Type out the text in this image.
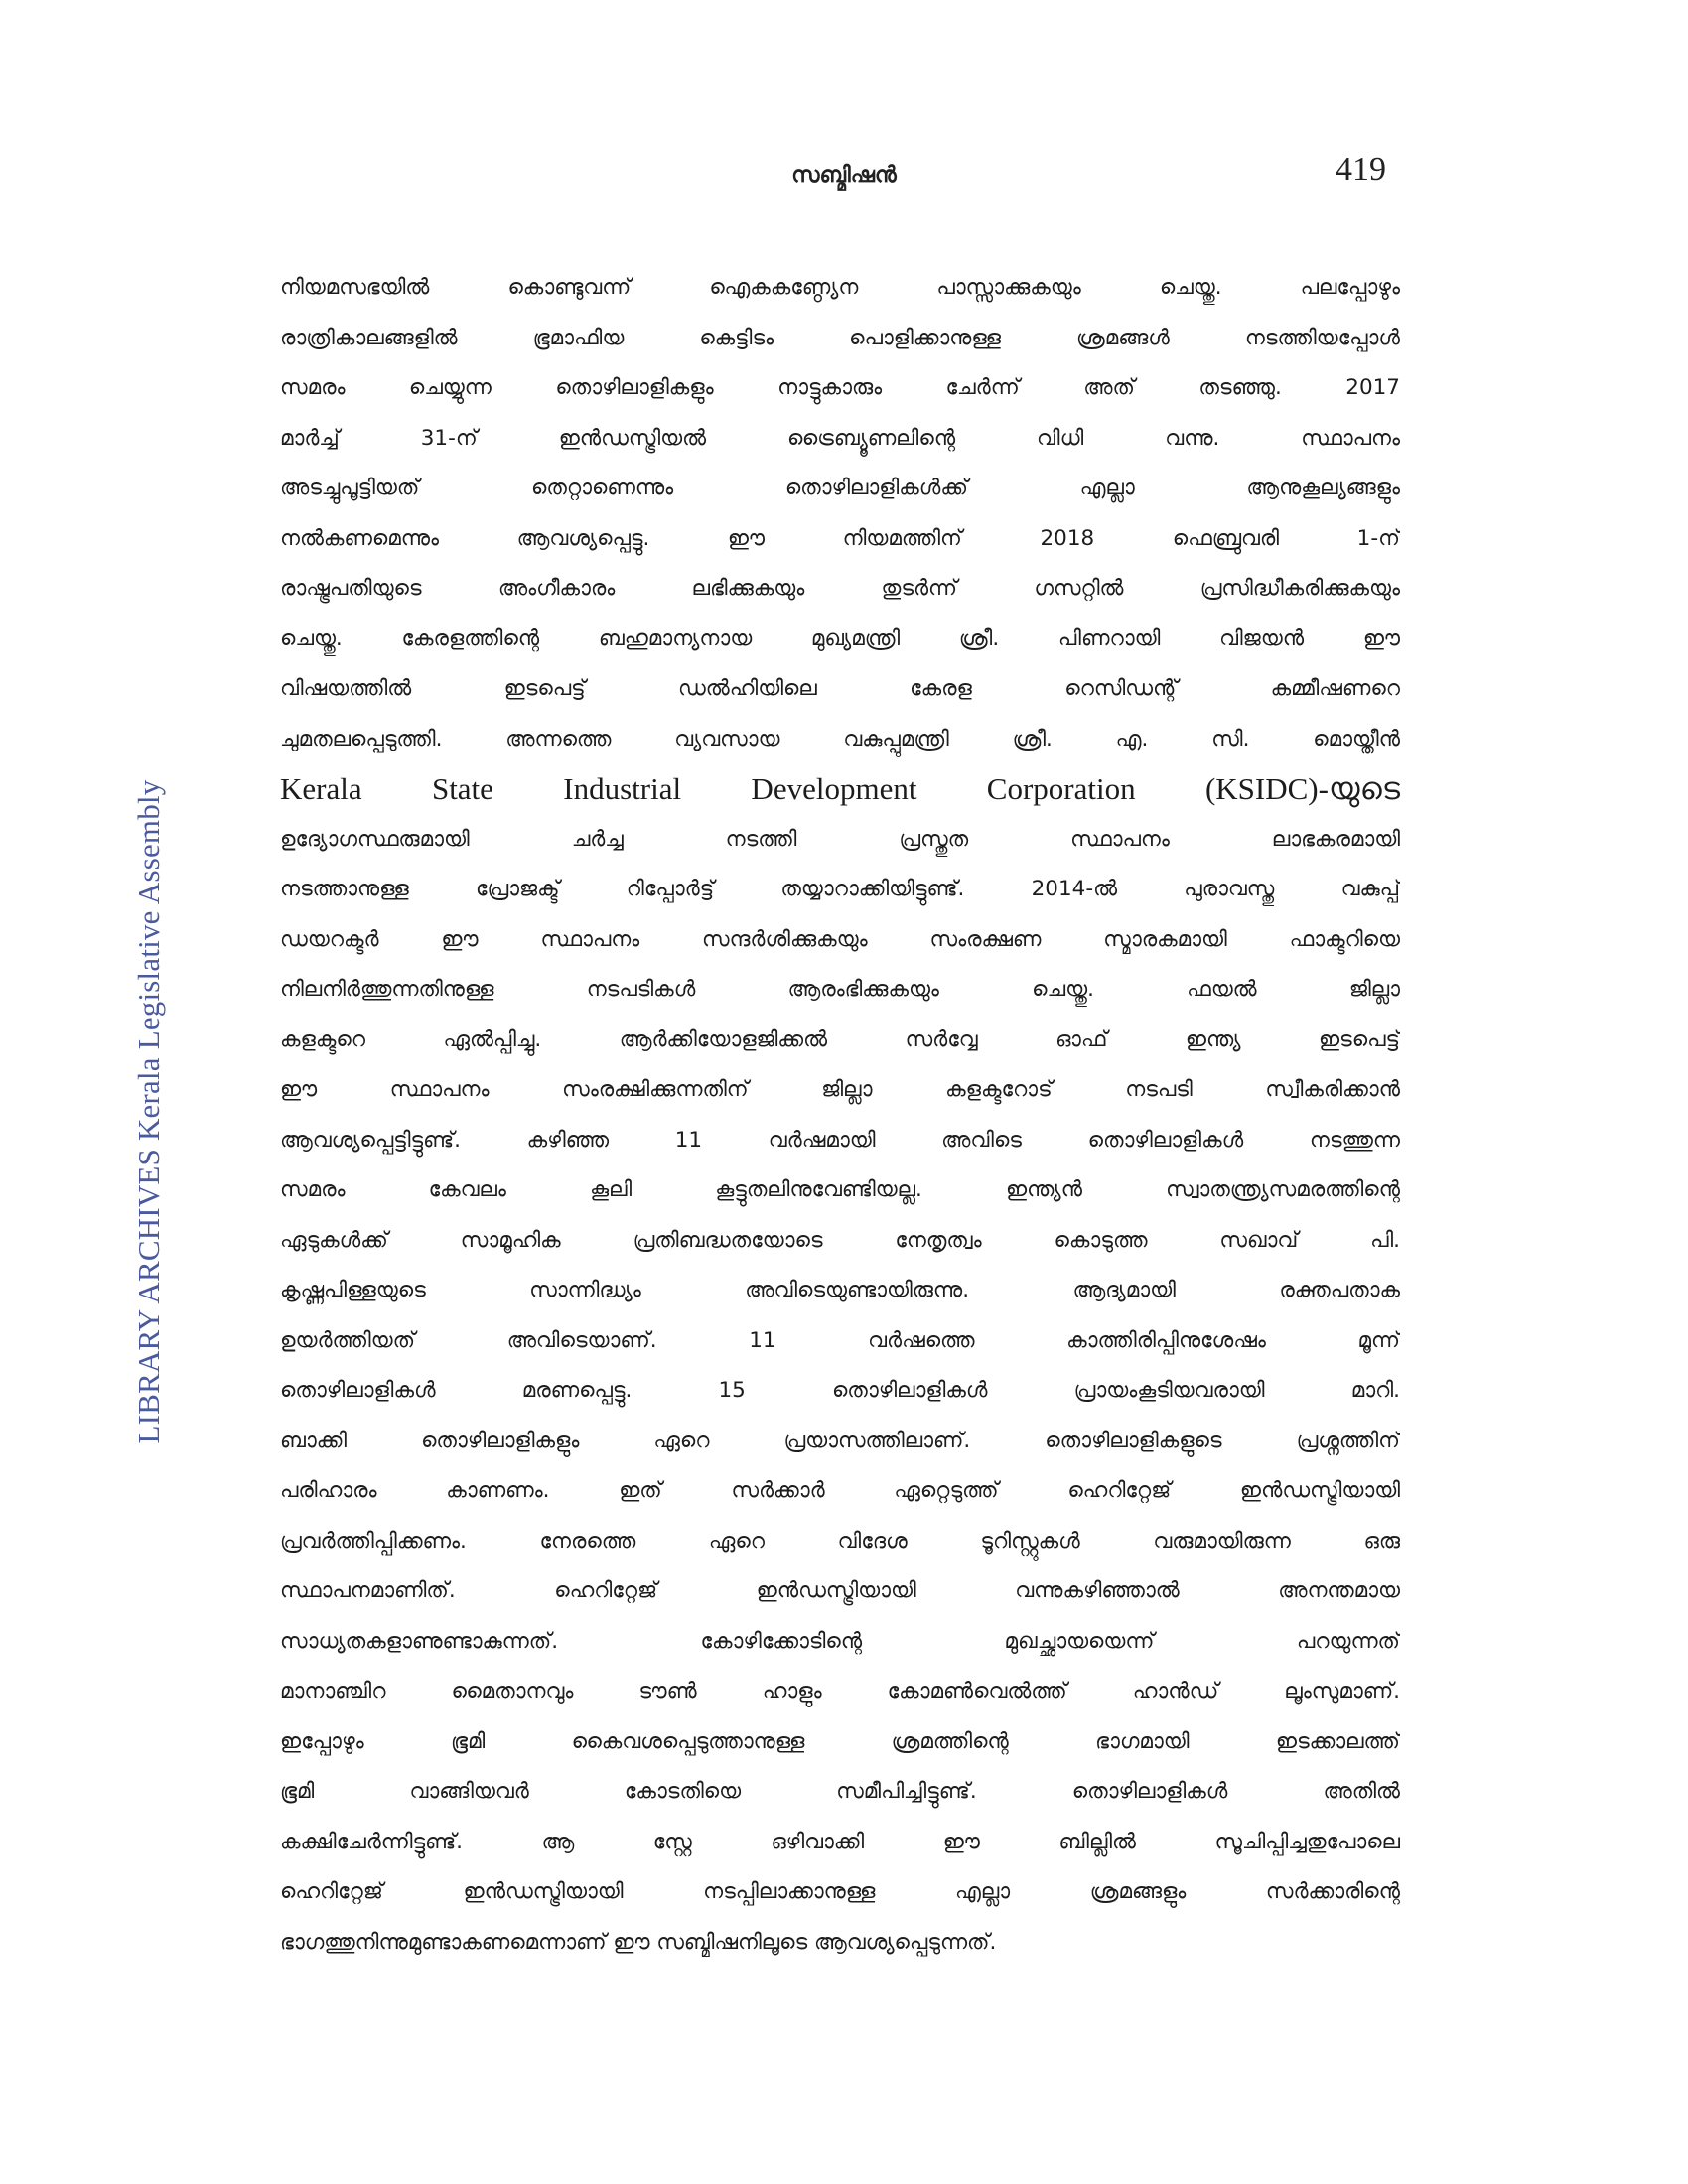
സബ്മിഷൻ	419
LIBRARY ARCHIVES Kerala Legislative Assembly
നിയമസഭയിൽ കൊണ്ടുവന്ന് ഐകകണ്ഠ്യേന പാസ്സാക്കുകയും ചെയ്തു. പലപ്പോഴും
രാത്രികാലങ്ങളിൽ ഭൂമാഫിയ കെട്ടിടം പൊളിക്കാനുള്ള ശ്രമങ്ങൾ നടത്തിയപ്പോൾ
സമരം ചെയ്യുന്ന തൊഴിലാളികളും നാട്ടുകാരും ചേർന്ന് അത് തടഞ്ഞു. 2017
മാർച്ച് 31-ന് ഇൻഡസ്ട്രിയൽ ട്രൈബ്യൂണലിന്റെ വിധി വന്നു. സ്ഥാപനം
അടച്ചുപൂട്ടിയത് തെറ്റാണെന്നും തൊഴിലാളികൾക്ക് എല്ലാ ആനുകൂല്യങ്ങളും
നൽകണമെന്നും ആവശ്യപ്പെട്ടു. ഈ നിയമത്തിന് 2018 ഫെബ്രുവരി 1-ന്
രാഷ്ട്രപതിയുടെ അംഗീകാരം ലഭിക്കുകയും തുടർന്ന് ഗസറ്റിൽ പ്രസിദ്ധീകരിക്കുകയും
ചെയ്തു. കേരളത്തിന്റെ ബഹുമാന്യനായ മുഖ്യമന്ത്രി ശ്രീ. പിണറായി വിജയൻ ഈ
വിഷയത്തിൽ ഇടപെട്ട് ഡൽഹിയിലെ കേരള റെസിഡന്റ് കമ്മീഷണറെ
ചുമതലപ്പെടുത്തി. അന്നത്തെ വ്യവസായ വകുപ്പുമന്ത്രി ശ്രീ. എ. സി. മൊയ്തീൻ
Kerala State Industrial Development Corporation (KSIDC)-യുടെ
ഉദ്യോഗസ്ഥരുമായി ചർച്ച നടത്തി പ്രസ്തുത സ്ഥാപനം ലാഭകരമായി
നടത്താനുള്ള പ്രോജക്ട് റിപ്പോർട്ട് തയ്യാറാക്കിയിട്ടുണ്ട്. 2014-ൽ പുരാവസ്തു വകുപ്പ്
ഡയറക്ടർ ഈ സ്ഥാപനം സന്ദർശിക്കുകയും സംരക്ഷണ സ്മാരകമായി ഫാക്ടറിയെ
നിലനിർത്തുന്നതിനുള്ള നടപടികൾ ആരംഭിക്കുകയും ചെയ്തു. ഫയൽ ജില്ലാ
കളക്ടറെ ഏൽപ്പിച്ചു. ആർക്കിയോളജിക്കൽ സർവ്വേ ഓഫ് ഇന്ത്യ ഇടപെട്ട്
ഈ സ്ഥാപനം സംരക്ഷിക്കുന്നതിന് ജില്ലാ കളക്ടറോട് നടപടി സ്വീകരിക്കാൻ
ആവശ്യപ്പെട്ടിട്ടുണ്ട്. കഴിഞ്ഞ 11 വർഷമായി അവിടെ തൊഴിലാളികൾ നടത്തുന്ന
സമരം കേവലം കൂലി കൂട്ടുതലിനുവേണ്ടിയല്ല. ഇന്ത്യൻ സ്വാതന്ത്ര്യസമരത്തിന്റെ
ഏടുകൾക്ക് സാമൂഹിക പ്രതിബദ്ധതയോടെ നേതൃത്വം കൊടുത്ത സഖാവ് പി.
കൃഷ്ണപിള്ളയുടെ സാന്നിദ്ധ്യം അവിടെയുണ്ടായിരുന്നു. ആദ്യമായി രക്തപതാക
ഉയർത്തിയത് അവിടെയാണ്. 11 വർഷത്തെ കാത്തിരിപ്പിനുശേഷം മൂന്ന്
തൊഴിലാളികൾ മരണപ്പെട്ടു. 15 തൊഴിലാളികൾ പ്രായംകൂടിയവരായി മാറി.
ബാക്കി തൊഴിലാളികളും ഏറെ പ്രയാസത്തിലാണ്. തൊഴിലാളികളുടെ പ്രശ്നത്തിന്
പരിഹാരം കാണണം. ഇത് സർക്കാർ ഏറ്റെടുത്ത് ഹെറിറ്റേജ് ഇൻഡസ്ട്രിയായി
പ്രവർത്തിപ്പിക്കണം. നേരത്തെ ഏറെ വിദേശ ടൂറിസ്റ്റുകൾ വരുമായിരുന്ന ഒരു
സ്ഥാപനമാണിത്. ഹെറിറ്റേജ് ഇൻഡസ്ട്രിയായി വന്നുകഴിഞ്ഞാൽ അനന്തമായ
സാധ്യതകളാണുണ്ടാകുന്നത്. കോഴിക്കോടിന്റെ മുഖച്ഛായയെന്ന് പറയുന്നത്
മാനാഞ്ചിറ മൈതാനവും ടൗൺ ഹാളും കോമൺവെൽത്ത് ഹാൻഡ് ലൂംസുമാണ്.
ഇപ്പോഴും ഭൂമി കൈവശപ്പെടുത്താനുള്ള ശ്രമത്തിന്റെ ഭാഗമായി ഇടക്കാലത്ത്
ഭൂമി വാങ്ങിയവർ കോടതിയെ സമീപിച്ചിട്ടുണ്ട്. തൊഴിലാളികൾ അതിൽ
കക്ഷിചേർന്നിട്ടുണ്ട്. ആ സ്റ്റേ ഒഴിവാക്കി ഈ ബില്ലിൽ സൂചിപ്പിച്ചതുപോലെ
ഹെറിറ്റേജ് ഇൻഡസ്ട്രിയായി നടപ്പിലാക്കാനുള്ള എല്ലാ ശ്രമങ്ങളും സർക്കാരിന്റെ
ഭാഗത്തുനിന്നുമുണ്ടാകണമെന്നാണ് ഈ സബ്മിഷനിലൂടെ ആവശ്യപ്പെടുന്നത്.
